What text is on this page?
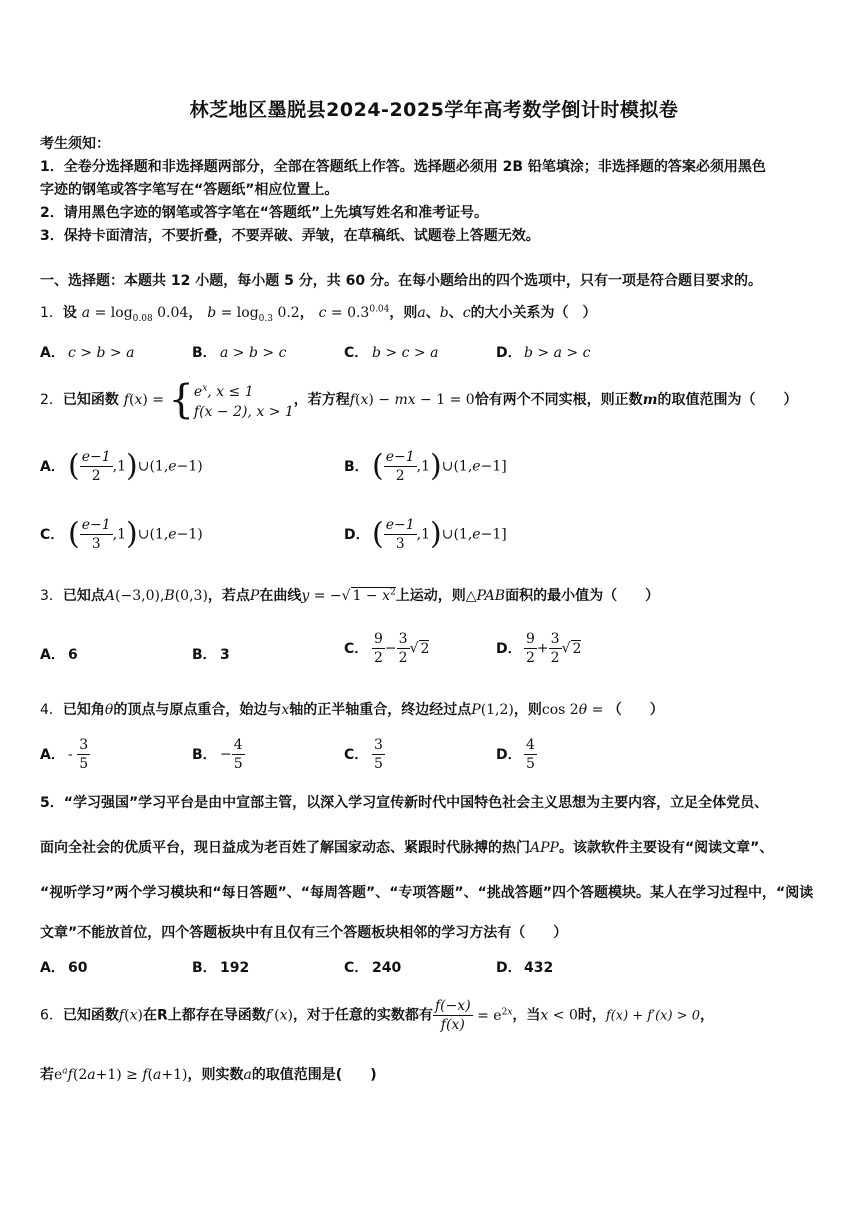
林芝地区墨脱县2024-2025学年高考数学倒计时模拟卷
考生须知：
1．全卷分选择题和非选择题两部分，全部在答题纸上作答。选择题必须用 2B 铅笔填涂；非选择题的答案必须用黑色
字迹的钢笔或答字笔写在“答题纸”相应位置上。
2．请用黑色字迹的钢笔或答字笔在“答题纸”上先填写姓名和准考证号。
3．保持卡面清洁，不要折叠，不要弄破、弄皱，在草稿纸、试题卷上答题无效。
一、选择题：本题共 12 小题，每小题 5 分，共 60 分。在每小题给出的四个选项中，只有一项是符合题目要求的。
1．设 $a = \log_{0.08} 0.04$， $b = \log_{0.3} 0.2$， $c = 0.3^{0.04}$，则a、b、c的大小关系为（　）
A． c > b > a	B． a > b > c	C． b > c > a	D． b > a > c
2．已知函数 $f(x) = \{e^x$, x ≤ 1
f(x − 2), x > 1，若方程f(x) − mx − 1 = 0恰有两个不同实根，则正数m的取值范围为（　　）
A． ( $\frac{e-1}{2}$ ,1)∪(1,e−1)	B． ( $\frac{e-1}{2}$ ,1)∪(1,e−1]
C． ( $\frac{e-1}{3}$ ,1)∪(1,e−1)	D．( $\frac{e-1}{3}$ ,1)∪(1,e−1]
3．已知点A(−3,0),B(0,3)，若点P在曲线y = −√ $1 - x^2$上运动，则△PAB面积的最小值为（　　）
A． 6	B． 3	C． $\frac{9}{2} - \frac{3}{2}$ √ 2	D． $\frac{9}{2} + \frac{3}{2}$ √ 2
4．已知角θ的顶点与原点重合，始边与x轴的正半轴重合，终边经过点P(1,2)，则cos 2θ = （　　）
A． - $\frac{3}{5}$	B． − $\frac{4}{5}$	C． $\frac{3}{5}$	D． $\frac{4}{5}$
5．“学习强国”学习平台是由中宣部主管，以深入学习宣传新时代中国特色社会主义思想为主要内容，立足全体党员、
面向全社会的优质平台，现日益成为老百姓了解国家动态、紧跟时代脉搏的热门APP。该款软件主要设有“阅读文章”、
“视听学习”两个学习模块和“每日答题”、“每周答题”、“专项答题”、“挑战答题”四个答题模块。某人在学习过程中，“阅读
文章”不能放首位，四个答题板块中有且仅有三个答题板块相邻的学习方法有（　　）
A． 60	B． 192	C． 240	D． 432
6．已知函数f(x)在R上都存在导函数f′(x)，对于任意的实数都有 $\frac{f(-x)}{f(x)} = e^{2x}$，当x < 0时，f(x) + f′(x) > 0，
若$e^af(2a+1) \ge f(a+1)$，则实数a的取值范围是(　　)
